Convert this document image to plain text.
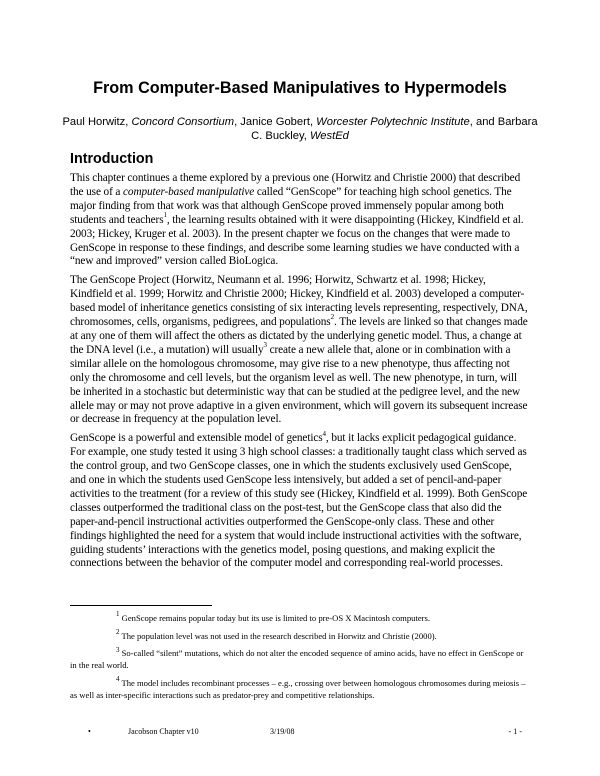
From Computer-Based Manipulatives to Hypermodels
Paul Horwitz, Concord Consortium, Janice Gobert, Worcester Polytechnic Institute, and Barbara C. Buckley, WestEd
Introduction

This chapter continues a theme explored by a previous one (Horwitz and Christie 2000) that described the use of a computer-based manipulative called “GenScope” for teaching high school genetics. The major finding from that work was that although GenScope proved immensely popular among both students and teachers$^1$, the learning results obtained with it were disappointing (Hickey, Kindfield et al. 2003; Hickey, Kruger et al. 2003). In the present chapter we focus on the changes that were made to GenScope in response to these findings, and describe some learning studies we have conducted with a “new and improved” version called BioLogica.

The GenScope Project (Horwitz, Neumann et al. 1996; Horwitz, Schwartz et al. 1998; Hickey, Kindfield et al. 1999; Horwitz and Christie 2000; Hickey, Kindfield et al. 2003) developed a computer-based model of inheritance genetics consisting of six interacting levels representing, respectively, DNA, chromosomes, cells, organisms, pedigrees, and populations$^2$. The levels are linked so that changes made at any one of them will affect the others as dictated by the underlying genetic model. Thus, a change at the DNA level (i.e., a mutation) will usually$^3$ create a new allele that, alone or in combination with a similar allele on the homologous chromosome, may give rise to a new phenotype, thus affecting not only the chromosome and cell levels, but the organism level as well. The new phenotype, in turn, will be inherited in a stochastic but deterministic way that can be studied at the pedigree level, and the new allele may or may not prove adaptive in a given environment, which will govern its subsequent increase or decrease in frequency at the population level.

GenScope is a powerful and extensible model of genetics$^4$, but it lacks explicit pedagogical guidance. For example, one study tested it using 3 high school classes: a traditionally taught class which served as the control group, and two GenScope classes, one in which the students exclusively used GenScope, and one in which the students used GenScope less intensively, but added a set of pencil-and-paper activities to the treatment (for a review of this study see (Hickey, Kindfield et al. 1999). Both GenScope classes outperformed the traditional class on the post-test, but the GenScope class that also did the paper-and-pencil instructional activities outperformed the GenScope-only class. These and other findings highlighted the need for a system that would include instructional activities with the software, guiding students’ interactions with the genetics model, posing questions, and making explicit the connections between the behavior of the computer model and corresponding real-world processes.

$^1$ GenScope remains popular today but its use is limited to pre-OS X Macintosh computers.

$^2$ The population level was not used in the research described in Horwitz and Christie (2000).

$^3$ So-called “silent” mutations, which do not alter the encoded sequence of amino acids, have no effect in GenScope or in the real world.

$^4$ The model includes recombinant processes – e.g., crossing over between homologous chromosomes during meiosis – as well as inter-specific interactions such as predator-prey and competitive relationships.

•	Jacobson Chapter v10	3/19/08	- 1 -
